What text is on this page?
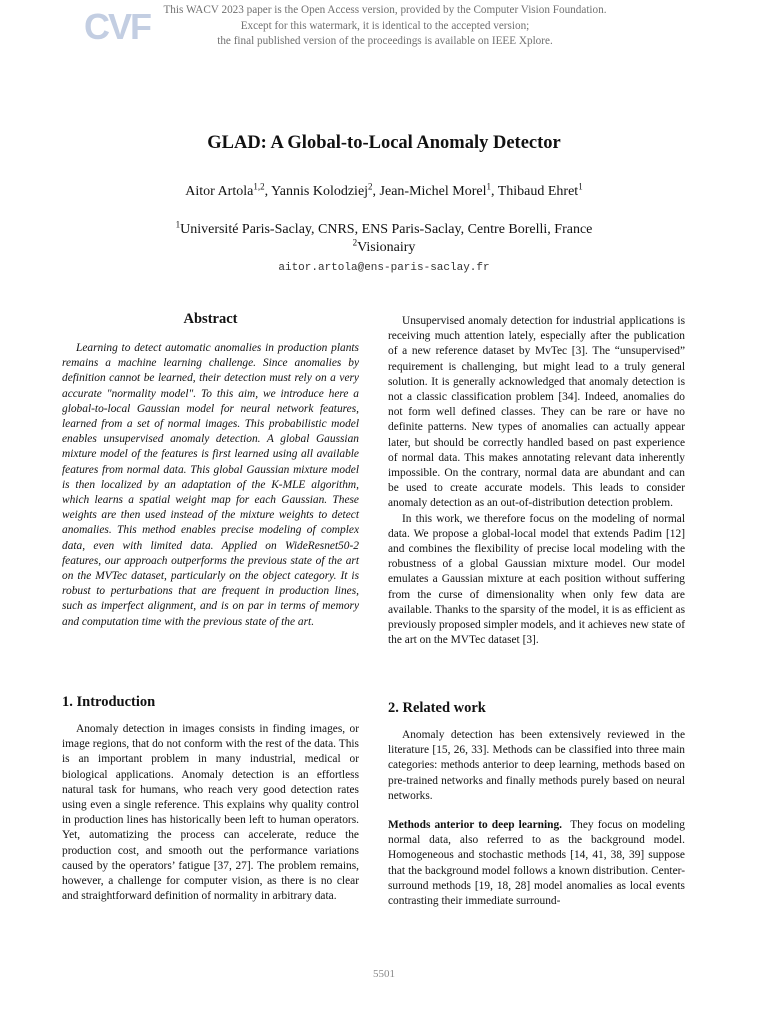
CVF	This WACV 2023 paper is the Open Access version, provided by the Computer Vision Foundation.
Except for this watermark, it is identical to the accepted version;
the final published version of the proceedings is available on IEEE Xplore.
GLAD: A Global-to-Local Anomaly Detector
Aitor Artola$^{1,2}$, Yannis Kolodziej$^2$, Jean-Michel Morel$^1$, Thibaud Ehret$^1$
$^1$Université Paris-Saclay, CNRS, ENS Paris-Saclay, Centre Borelli, France
$^2$Visionairy
aitor.artola@ens-paris-saclay.fr
Abstract

Learning to detect automatic anomalies in production plants remains a machine learning challenge. Since anomalies by definition cannot be learned, their detection must rely on a very accurate "normality model". To this aim, we introduce here a global-to-local Gaussian model for neural network features, learned from a set of normal images. This probabilistic model enables unsupervised anomaly detection. A global Gaussian mixture model of the features is first learned using all available features from normal data. This global Gaussian mixture model is then localized by an adaptation of the K-MLE algorithm, which learns a spatial weight map for each Gaussian. These weights are then used instead of the mixture weights to detect anomalies. This method enables precise modeling of complex data, even with limited data. Applied on WideResnet50-2 features, our approach outperforms the previous state of the art on the MVTec dataset, particularly on the object category. It is robust to perturbations that are frequent in production lines, such as imperfect alignment, and is on par in terms of memory and computation time with the previous state of the art.

1. Introduction

Anomaly detection in images consists in finding images, or image regions, that do not conform with the rest of the data. This is an important problem in many industrial, medical or biological applications. Anomaly detection is an effortless natural task for humans, who reach very good detection rates using even a single reference. This explains why quality control in production lines has historically been left to human operators. Yet, automatizing the process can accelerate, reduce the production cost, and smooth out the performance variations caused by the operators’ fatigue [37, 27]. The problem remains, however, a challenge for computer vision, as there is no clear and straightforward definition of normality in arbitrary data.

Unsupervised anomaly detection for industrial applications is receiving much attention lately, especially after the publication of a new reference dataset by MvTec [3]. The “unsupervised” requirement is challenging, but might lead to a truly general solution. It is generally acknowledged that anomaly detection is not a classic classification problem [34]. Indeed, anomalies do not form well defined classes. They can be rare or have no definite patterns. New types of anomalies can actually appear later, but should be correctly handled based on past experience of normal data. This makes annotating relevant data inherently impossible. On the contrary, normal data are abundant and can be used to create accurate models. This leads to consider anomaly detection as an out-of-distribution detection problem.

In this work, we therefore focus on the modeling of normal data. We propose a global-local model that extends Padim [12] and combines the flexibility of precise local modeling with the robustness of a global Gaussian mixture model. Our model emulates a Gaussian mixture at each position without suffering from the curse of dimensionality when only few data are available. Thanks to the sparsity of the model, it is as efficient as previously proposed simpler models, and it achieves new state of the art on the MVTec dataset [3].

2. Related work

Anomaly detection has been extensively reviewed in the literature [15, 26, 33]. Methods can be classified into three main categories: methods anterior to deep learning, methods based on pre-trained networks and finally methods purely based on neural networks.

Methods anterior to deep learning. They focus on modeling normal data, also referred to as the background model. Homogeneous and stochastic methods [14, 41, 38, 39] suppose that the background model follows a known distribution. Center-surround methods [19, 18, 28] model anomalies as local events contrasting their immediate surround-

5501
